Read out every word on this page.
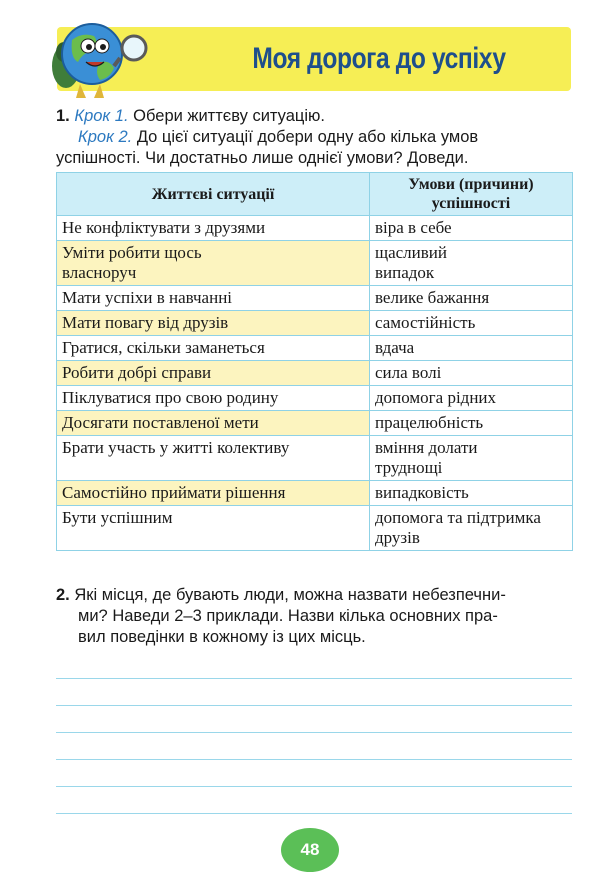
Моя дорога до успіху
1. Крок 1. Обери життєву ситуацію.
Крок 2. До цієї ситуації добери одну або кілька умов
успішності. Чи достатньо лише однієї умови? Доведи.
Життєві ситуації	Умови (причини) успішності
Не конфліктувати з друзями	віра в себе
Уміти робити щось власноруч	щасливий випадок
Мати успіхи в навчанні	велике бажання
Мати повагу від друзів	самостійність
Гратися, скільки заманеться	вдача
Робити добрі справи	сила волі
Піклуватися про свою родину	допомога рідних
Досягати поставленої мети	працелюбність
Брати участь у житті колективу	вміння долати труднощі
Самостійно приймати рішення	випадковість
Бути успішним	допомога та підтримка друзів
2. Які місця, де бувають люди, можна назвати небезпечни-
ми? Наведи 2–3 приклади. Назви кілька основних пра-
вил поведінки в кожному із цих місць.
48
